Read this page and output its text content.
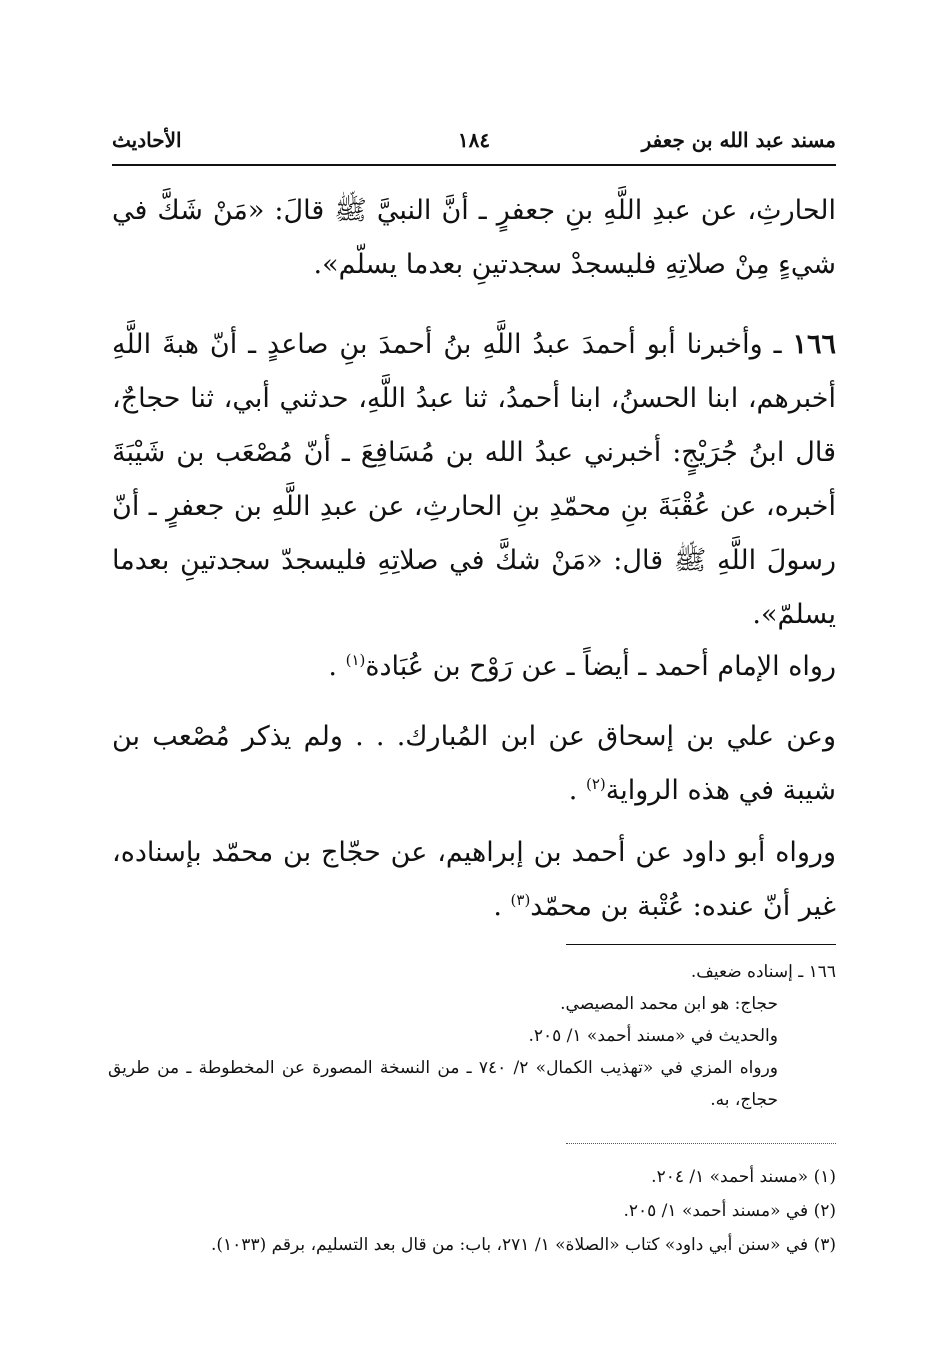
مسند عبد الله بن جعفر
١٨٤
الأحاديث
الحارثِ، عن عبدِ اللَّهِ بنِ جعفرٍ ـ أنَّ النبيَّ ﷺ قالَ: «مَنْ شَكَّ في شيءٍ مِنْ صلاتِهِ فليسجدْ سجدتينِ بعدما يسلّم».
١٦٦ ـ وأخبرنا أبو أحمدَ عبدُ اللَّهِ بنُ أحمدَ بنِ صاعدٍ ـ أنّ هبةَ اللَّهِ أخبرهم، ابنا الحسنُ، ابنا أحمدُ، ثنا عبدُ اللَّهِ، حدثني أبي، ثنا حجاجٌ، قال ابنُ جُرَيْجٍ: أخبرني عبدُ الله بن مُسَافِعَ ـ أنّ مُصْعَب بن شَيْبَةَ أخبره، عن عُقْبَةَ بنِ محمّدِ بنِ الحارثِ، عن عبدِ اللَّهِ بن جعفرٍ ـ أنّ رسولَ اللَّهِ ﷺ قال: «مَنْ شكَّ في صلاتِهِ فليسجدّ سجدتينِ بعدما يسلمّ».
رواه الإمام أحمد ـ أيضاً ـ عن رَوْح بن عُبَادة$^{(١)}$ .
وعن علي بن إسحاق عن ابن المُبارك. . . ولم يذكر مُصْعب بن شيبة في هذه الرواية$^{(٢)}$ .
ورواه أبو داود عن أحمد بن إبراهيم، عن حجّاج بن محمّد بإسناده، غير أنّ عنده: عُتْبة بن محمّد$^{(٣)}$ .
١٦٦ ـ إسناده ضعيف.
حجاج: هو ابن محمد المصيصي.
والحديث في «مسند أحمد» ١/ ٢٠٥.
ورواه المزي في «تهذيب الكمال» ٢/ ٧٤٠ ـ من النسخة المصورة عن المخطوطة ـ من طريق حجاج، به.
(١) «مسند أحمد» ١/ ٢٠٤.
(٢) في «مسند أحمد» ١/ ٢٠٥.
(٣) في «سنن أبي داود» كتاب «الصلاة» ١/ ٢٧١، باب: من قال بعد التسليم، برقم (١٠٣٣).
